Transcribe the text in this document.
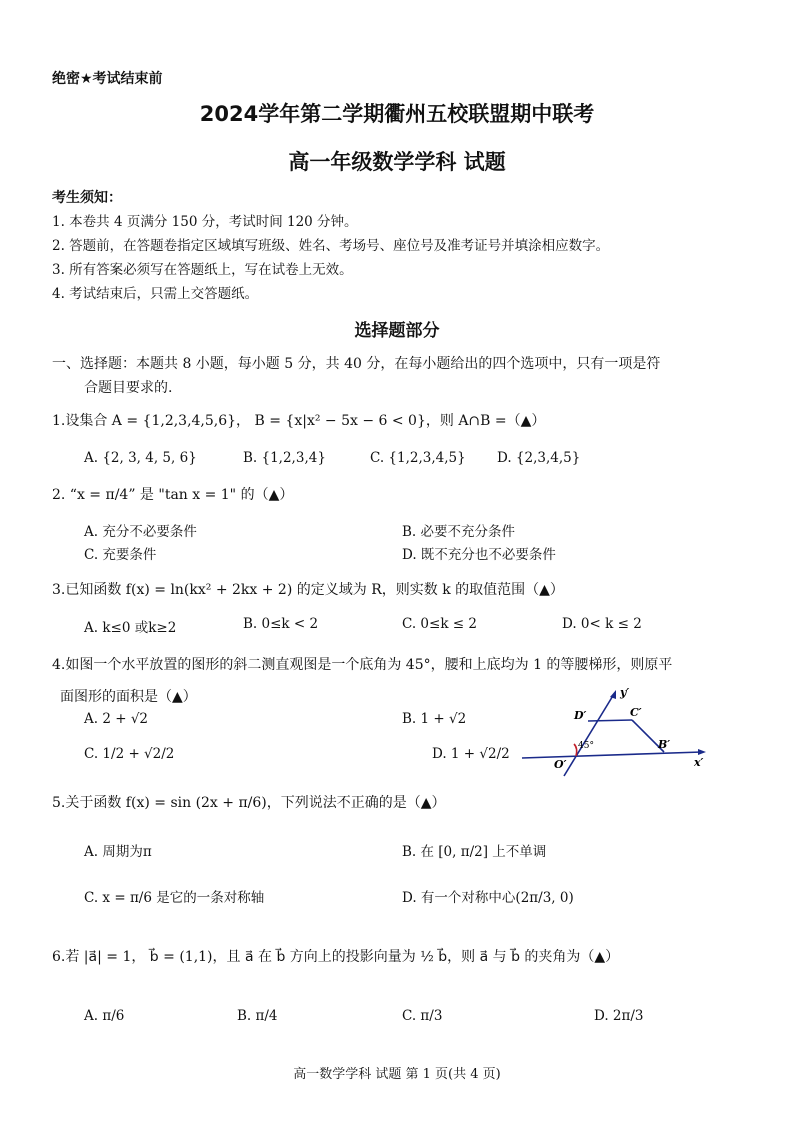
绝密★考试结束前
2024学年第二学期衢州五校联盟期中联考
高一年级数学学科 试题
考生须知：
1. 本卷共 4 页满分 150 分，考试时间 120 分钟。
2. 答题前，在答题卷指定区域填写班级、姓名、考场号、座位号及准考证号并填涂相应数字。
3. 所有答案必须写在答题纸上，写在试卷上无效。
4. 考试结束后，只需上交答题纸。
选择题部分
一、选择题：本题共 8 小题，每小题 5 分，共 40 分，在每小题给出的四个选项中，只有一项是符
合题目要求的.
1.设集合 A = {1,2,3,4,5,6}， B = {x|x² − 5x − 6 < 0}，则 A∩B =（▲）
A. {2, 3, 4, 5, 6}	B. {1,2,3,4}	C. {1,2,3,4,5} D. {2,3,4,5}
2. “x = π/4” 是 "tan x = 1" 的（▲）
A. 充分不必要条件	B. 必要不充分条件
C. 充要条件	D. 既不充分也不必要条件
3.已知函数 f(x) = ln(kx² + 2kx + 2) 的定义域为 R，则实数 k 的取值范围（▲）
A. k≤0 或k≥2	B. 0≤k < 2	C. 0≤k ≤ 2	D. 0< k ≤ 2
4.如图一个水平放置的图形的斜二测直观图是一个底角为 45°，腰和上底均为 1 的等腰梯形，则原平
面图形的面积是（▲）
A. 2 + √2	B. 1 + √2
C. 1/2 + √2/2	D. 1 + √2/2
y′
D′	C′
45°	B′
O′	x′
5.关于函数 f(x) = sin (2x + π/6)，下列说法不正确的是（▲）
A. 周期为π	B. 在 [0, π/2] 上不单调
C. x = π/6 是它的一条对称轴	D. 有一个对称中心(2π/3, 0)
6.若 |a⃗| = 1， b⃗ = (1,1)，且 a⃗ 在 b⃗ 方向上的投影向量为 ½ b⃗，则 a⃗ 与 b⃗ 的夹角为（▲）
A. π/6	B. π/4	C. π/3	D. 2π/3
高一数学学科 试题 第 1 页(共 4 页)
